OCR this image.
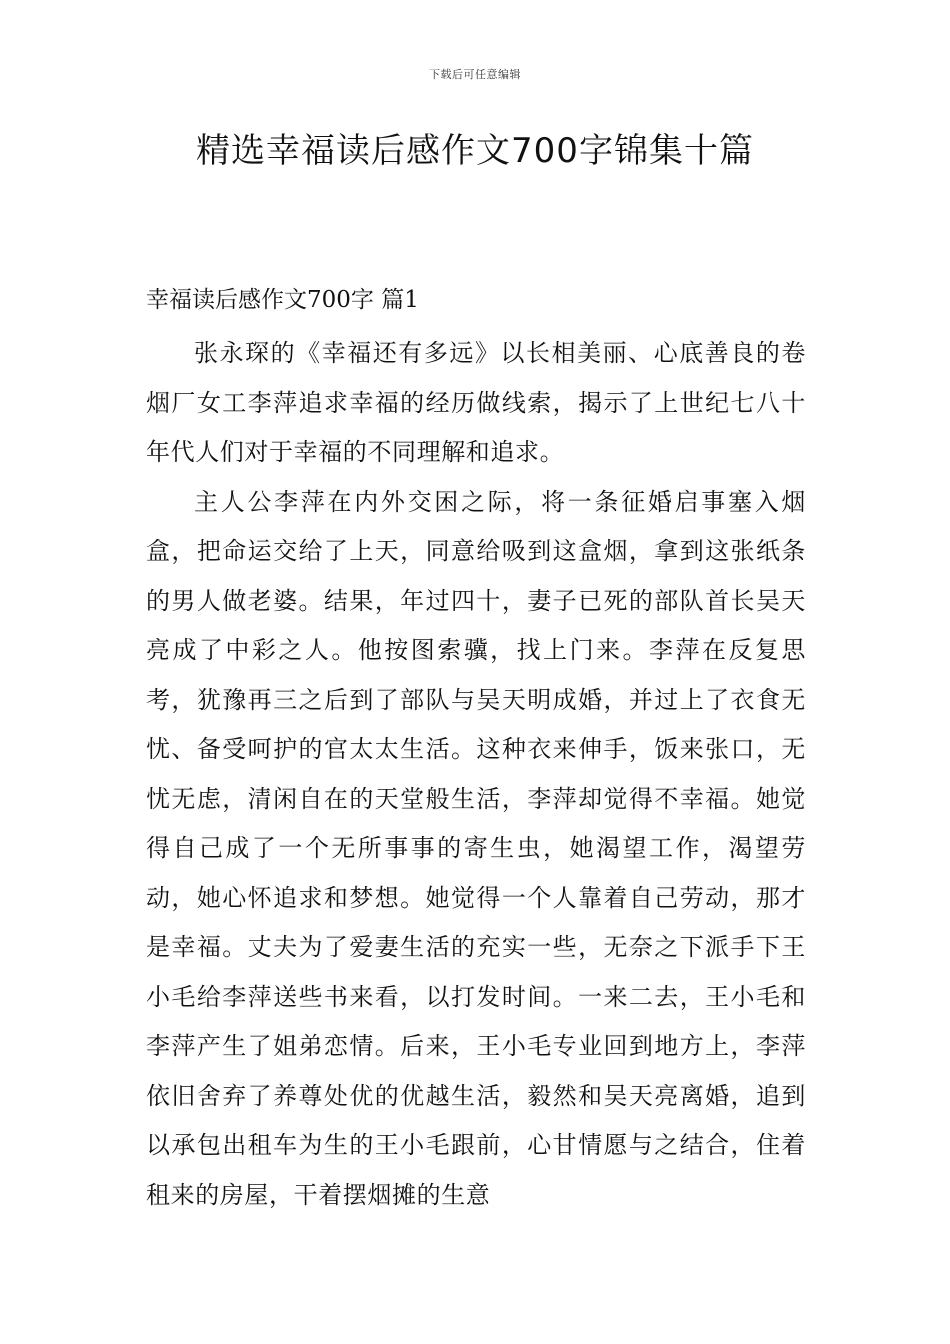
下载后可任意编辑
精选幸福读后感作文700字锦集十篇
幸福读后感作文700字 篇1

张永琛的《幸福还有多远》以长相美丽、心底善良的卷烟厂女工李萍追求幸福的经历做线索，揭示了上世纪七八十年代人们对于幸福的不同理解和追求。

主人公李萍在内外交困之际，将一条征婚启事塞入烟盒，把命运交给了上天，同意给吸到这盒烟，拿到这张纸条的男人做老婆。结果，年过四十，妻子已死的部队首长吴天亮成了中彩之人。他按图索骥，找上门来。李萍在反复思考，犹豫再三之后到了部队与吴天明成婚，并过上了衣食无忧、备受呵护的官太太生活。这种衣来伸手，饭来张口，无忧无虑，清闲自在的天堂般生活，李萍却觉得不幸福。她觉得自己成了一个无所事事的寄生虫，她渴望工作，渴望劳动，她心怀追求和梦想。她觉得一个人靠着自己劳动，那才是幸福。丈夫为了爱妻生活的充实一些，无奈之下派手下王小毛给李萍送些书来看，以打发时间。一来二去，王小毛和李萍产生了姐弟恋情。后来，王小毛专业回到地方上，李萍依旧舍弃了养尊处优的优越生活，毅然和吴天亮离婚，追到以承包出租车为生的王小毛跟前，心甘情愿与之结合，住着租来的房屋，干着摆烟摊的生意
